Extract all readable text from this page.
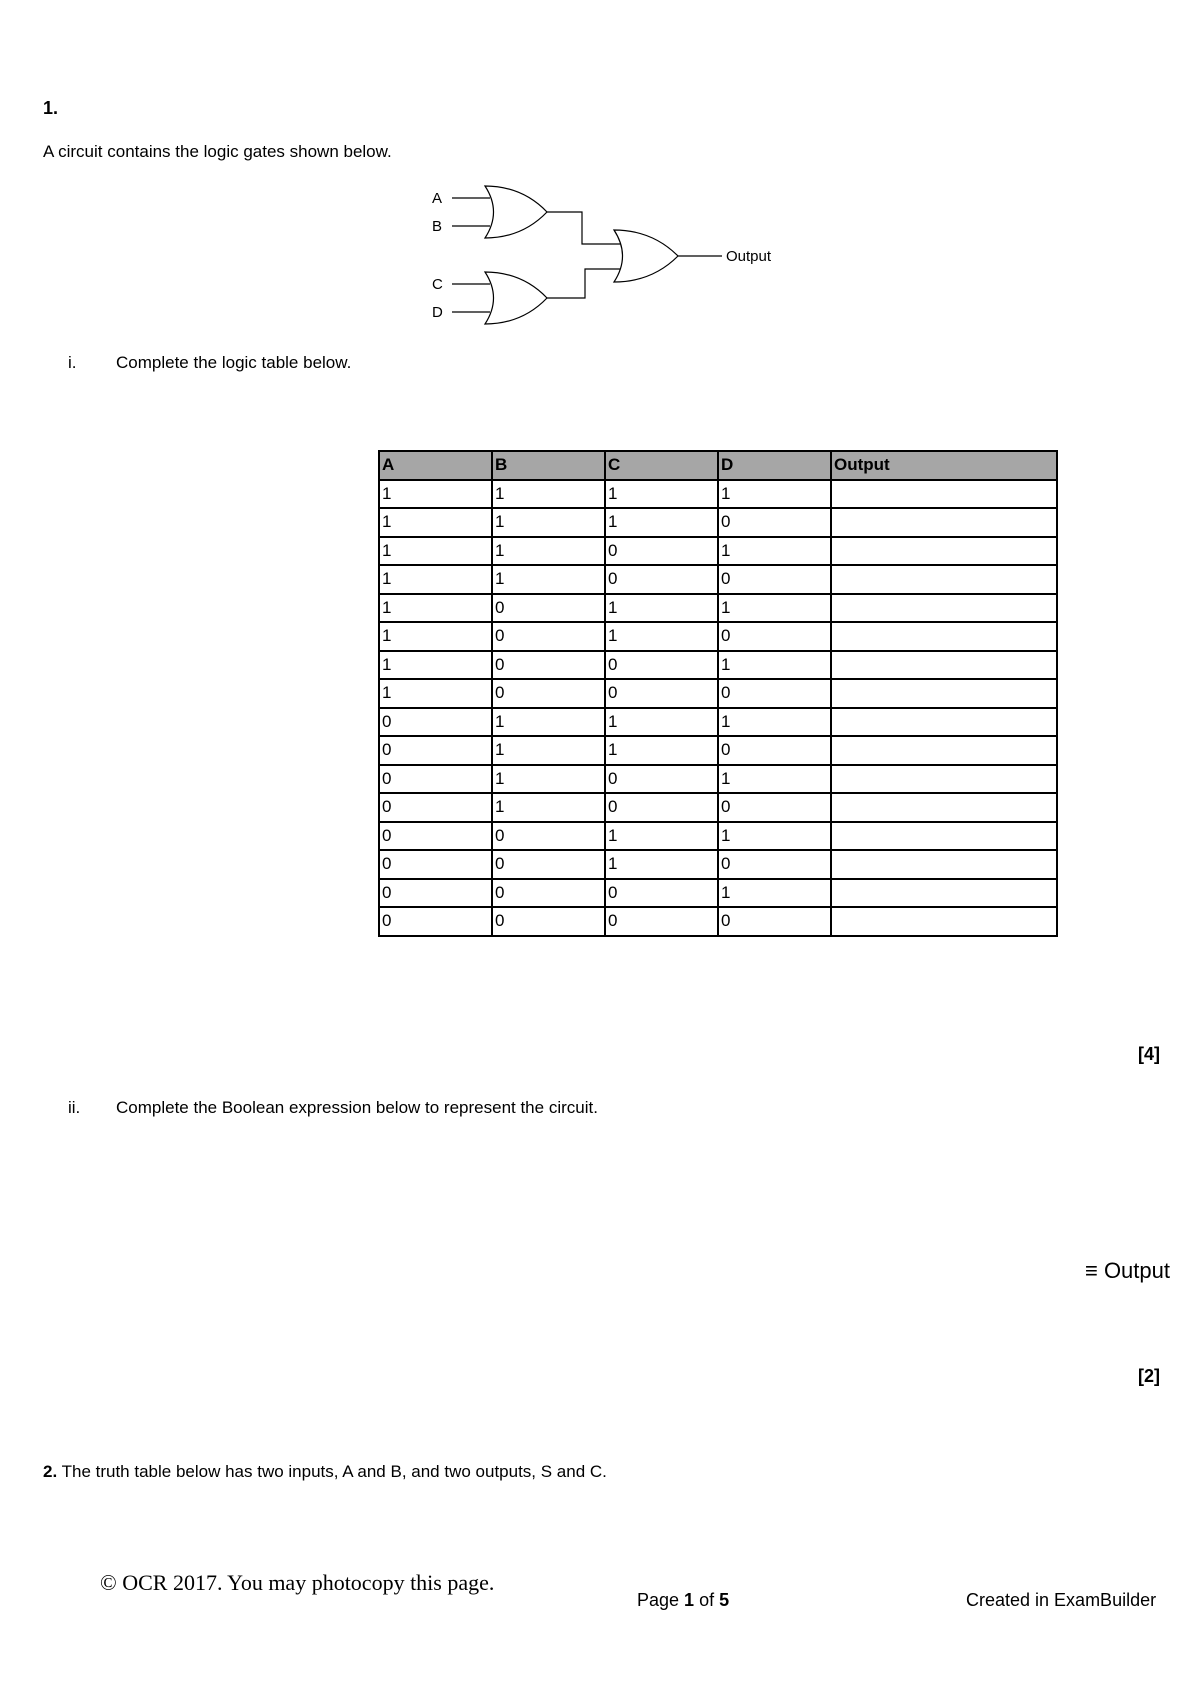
1.
A circuit contains the logic gates shown below.
A
B
C
D
Output
i. Complete the logic table below.
A	B	C	D	Output
1	1	1	1	
1	1	1	0	
1	1	0	1	
1	1	0	0	
1	0	1	1	
1	0	1	0	
1	0	0	1	
1	0	0	0	
0	1	1	1	
0	1	1	0	
0	1	0	1	
0	1	0	0	
0	0	1	1	
0	0	1	0	
0	0	0	1	
0	0	0	0	
[4]
ii. Complete the Boolean expression below to represent the circuit.
≡ Output
[2]
2. The truth table below has two inputs, A and B, and two outputs, S and C.
© OCR 2017. You may photocopy this page.
Page 1 of 5	Created in ExamBuilder
